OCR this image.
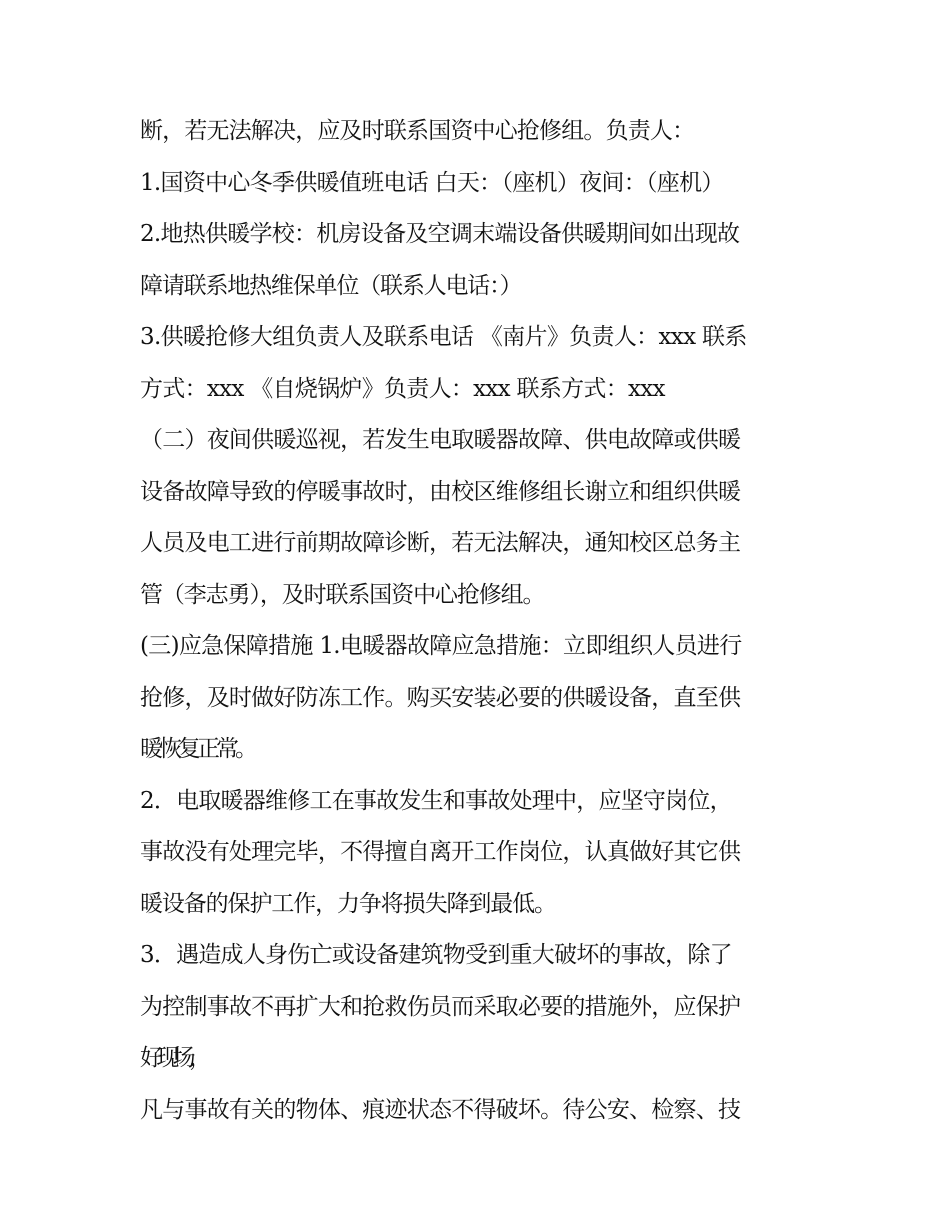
断，若无法解决，应及时联系国资中心抢修组。负责人：
1.国资中心冬季供暖值班电话 白天：（座机）夜间：（座机）
2.地热供暖学校：机房设备及空调末端设备供暖期间如出现故
障请联系地热维保单位（联系人电话：）
3.供暖抢修大组负责人及联系电话 《南片》负责人：xxx 联系
方式：xxx 《自烧锅炉》负责人：xxx 联系方式：xxx
（二）夜间供暖巡视，若发生电取暖器故障、供电故障或供暖
设备故障导致的停暖事故时，由校区维修组长谢立和组织供暖
人员及电工进行前期故障诊断，若无法解决，通知校区总务主
管（李志勇），及时联系国资中心抢修组。
(三)应急保障措施 1.电暖器故障应急措施：立即组织人员进行
抢修，及时做好防冻工作。购买安装必要的供暖设备，直至供
暖恢复正常。
2．电取暖器维修工在事故发生和事故处理中，应坚守岗位，
事故没有处理完毕，不得擅自离开工作岗位，认真做好其它供
暖设备的保护工作，力争将损失降到最低。
3．遇造成人身伤亡或设备建筑物受到重大破坏的事故，除了
为控制事故不再扩大和抢救伤员而采取必要的措施外，应保护
好现场，
凡与事故有关的物体、痕迹状态不得破坏。待公安、检察、技
